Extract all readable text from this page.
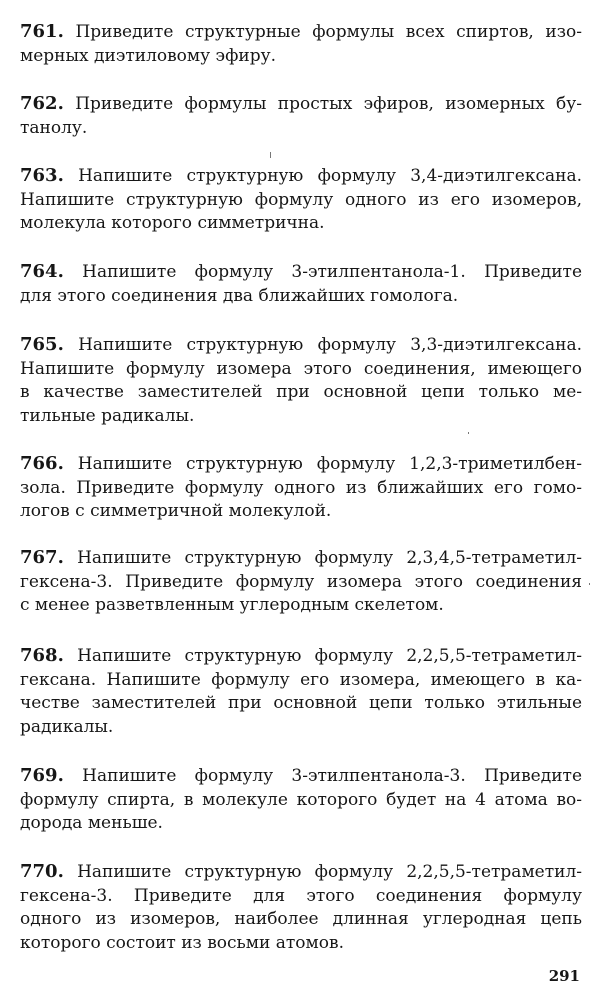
761. Приведите структурные формулы всех спиртов, изо-
мерных диэтиловому эфиру.
762. Приведите формулы простых эфиров, изомерных бу-
танолу.
763. Напишите структурную формулу 3,4-диэтилгексана.
Напишите структурную формулу одного из его изомеров,
молекула которого симметрична.
764. Напишите формулу 3-этилпентанола-1. Приведите
для этого соединения два ближайших гомолога.
765. Напишите структурную формулу 3,3-диэтилгексана.
Напишите формулу изомера этого соединения, имеющего
в качестве заместителей при основной цепи только ме-
тильные радикалы.
766. Напишите структурную формулу 1,2,3-триметилбен-
зола. Приведите формулу одного из ближайших его гомо-
логов с симметричной молекулой.
767. Напишите структурную формулу 2,3,4,5-тетраметил-
гексена-3. Приведите формулу изомера этого соединения
с менее разветвленным углеродным скелетом.
768. Напишите структурную формулу 2,2,5,5-тетраметил-
гексана. Напишите формулу его изомера, имеющего в ка-
честве заместителей при основной цепи только этильные
радикалы.
769. Напишите формулу 3-этилпентанола-3. Приведите
формулу спирта, в молекуле которого будет на 4 атома во-
дорода меньше.
770. Напишите структурную формулу 2,2,5,5-тетраметил-
гексена-3. Приведите для этого соединения формулу
одного из изомеров, наиболее длинная углеродная цепь
которого состоит из восьми атомов.
291
